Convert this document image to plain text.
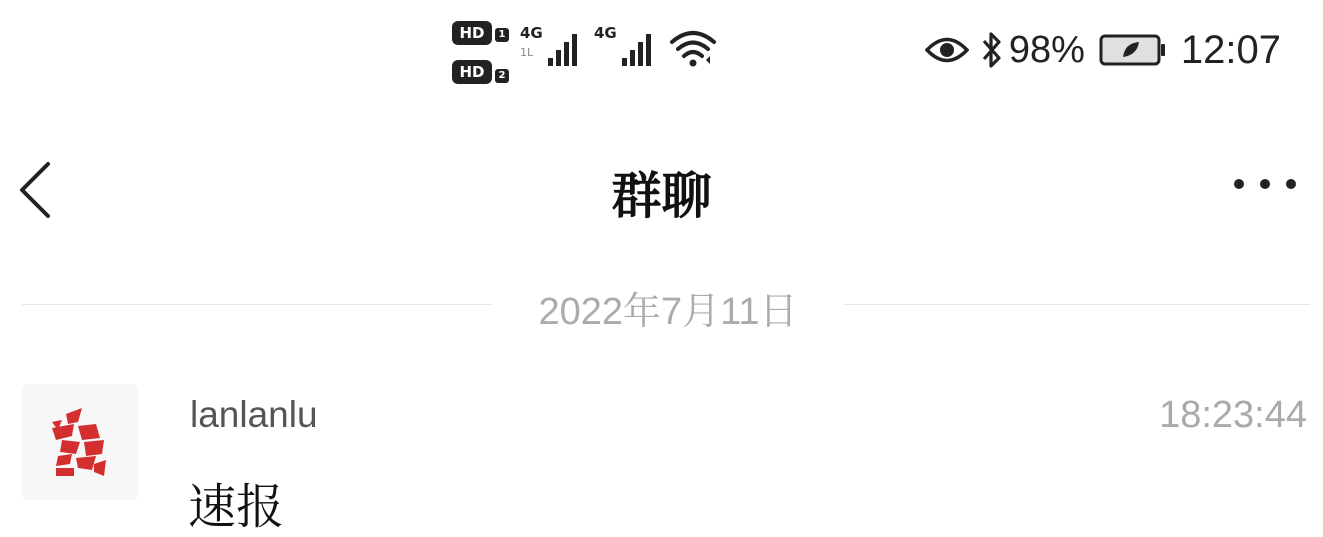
HD	1
HD	2
4G
1L
4G	98% 12:07
群聊
2022年7月11日
lanlanlu	18:23:44
速报
